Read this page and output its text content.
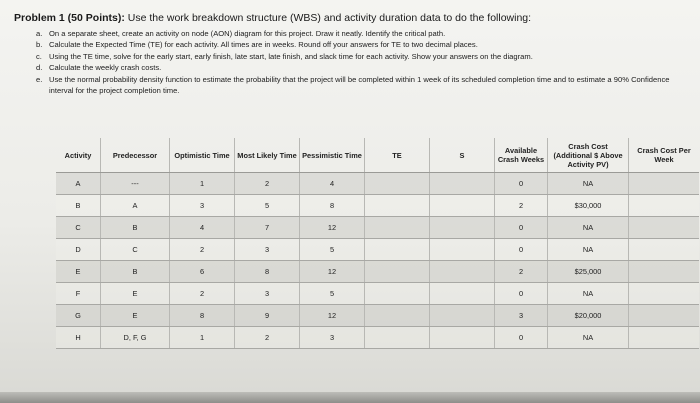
Problem 1 (50 Points): Use the work breakdown structure (WBS) and activity duration data to do the following:
a. On a separate sheet, create an activity on node (AON) diagram for this project. Draw it neatly. Identify the critical path.
b. Calculate the Expected Time (TE) for each activity. All times are in weeks. Round off your answers for TE to two decimal places.
c. Using the TE time, solve for the early start, early finish, late start, late finish, and slack time for each activity. Show your answers on the diagram.
d. Calculate the weekly crash costs.
e. Use the normal probability density function to estimate the probability that the project will be completed within 1 week of its scheduled completion time and to estimate a 90% Confidence interval for the project completion time.
Activity	Predecessor	Optimistic Time	Most Likely Time	Pessimistic Time	TE	S	Available Crash Weeks	Crash Cost (Additional $ Above Activity PV)	Crash Cost Per Week
A	---	1	2	4			0	NA	
B	A	3	5	8			2	$30,000	
C	B	4	7	12			0	NA	
D	C	2	3	5			0	NA	
E	B	6	8	12			2	$25,000	
F	E	2	3	5			0	NA	
G	E	8	9	12			3	$20,000	
H	D, F, G	1	2	3			0	NA	
